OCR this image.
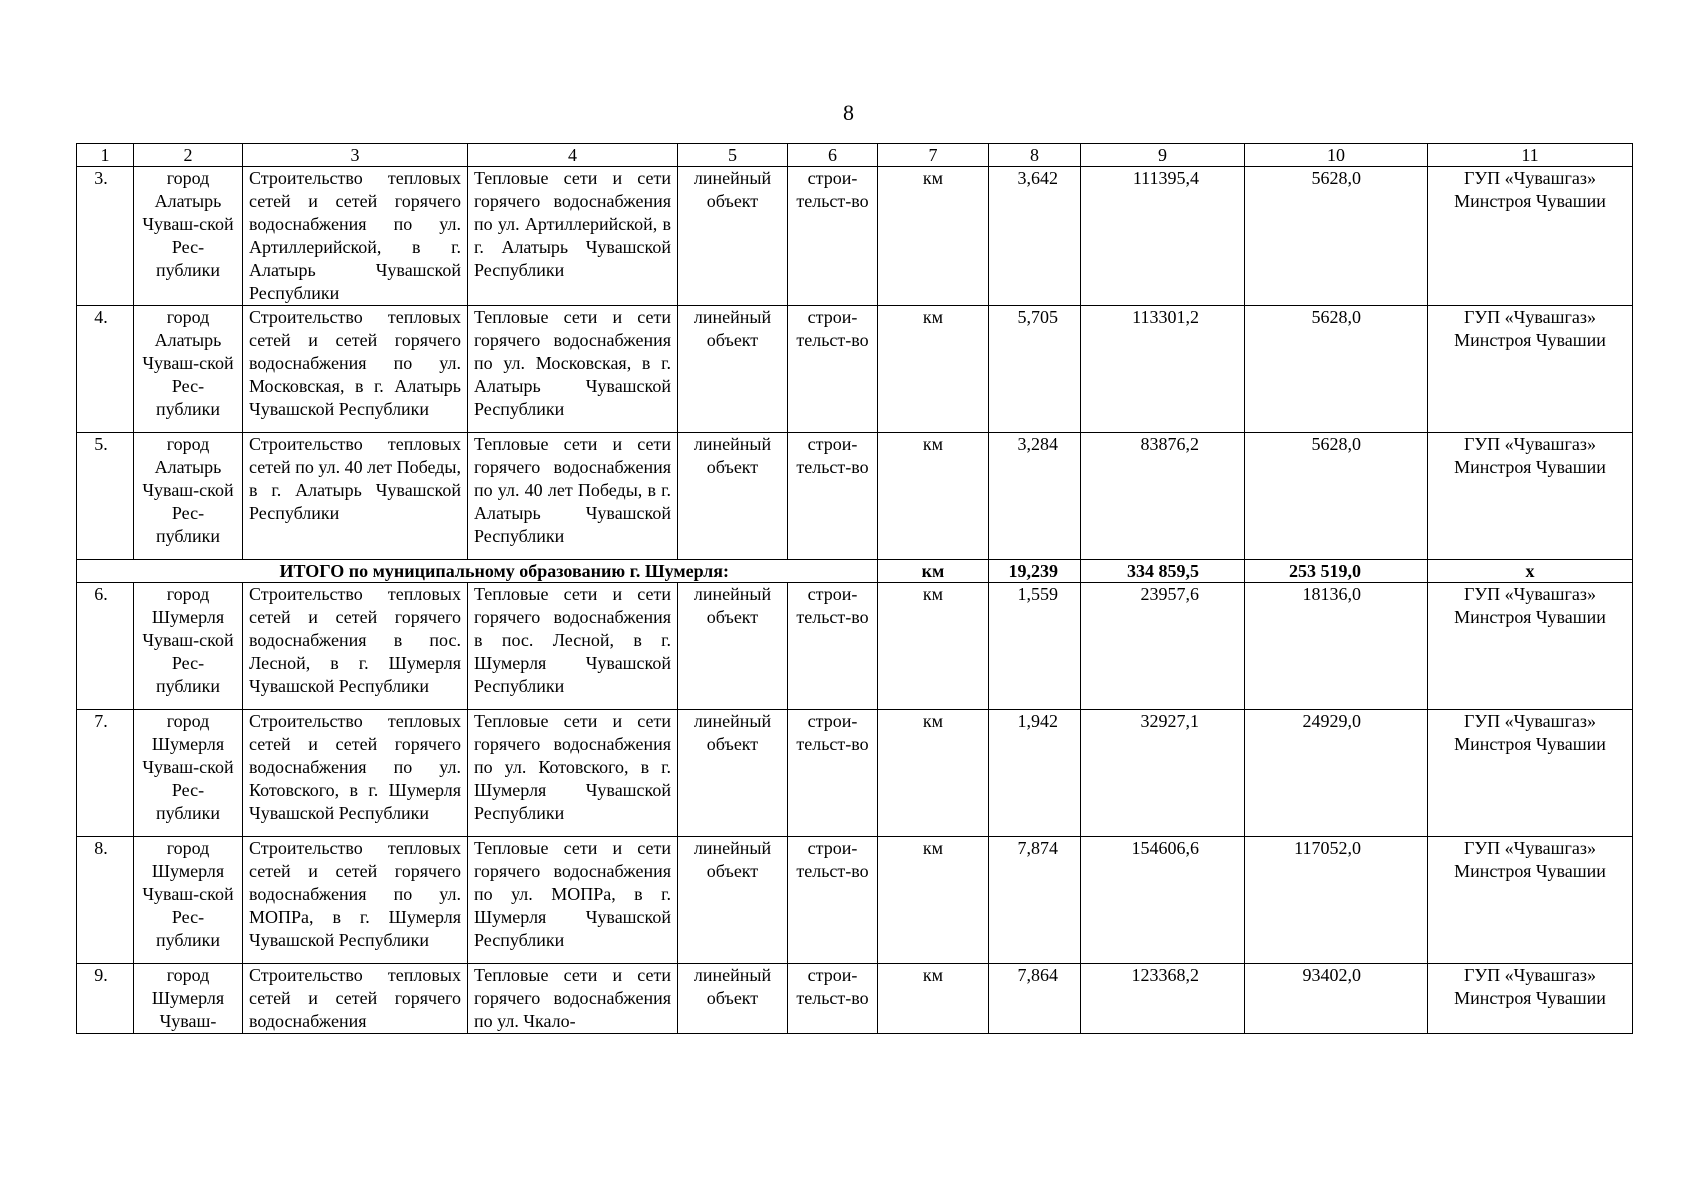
8
1	2	3	4	5	6	7	8	9	10	11
3.	город Алатырь Чуваш-ской Рес-публики	Строительство тепловых сетей и сетей горячего водоснабжения по ул. Артиллерийской, в г. Алатырь Чувашской Республики	Тепловые сети и сети горячего водоснабжения по ул. Артиллерийской, в г. Алатырь Чувашской Республики	линейный объект	строи-тельст-во	км	3,642	111395,4	5628,0	ГУП «Чувашгаз» Минстроя Чувашии
4.	город Алатырь Чуваш-ской Рес-публики	Строительство тепловых сетей и сетей горячего водоснабжения по ул. Московская, в г. Алатырь Чувашской Республики	Тепловые сети и сети горячего водоснабжения по ул. Московская, в г. Алатырь Чувашской Республики	линейный объект	строи-тельст-во	км	5,705	113301,2	5628,0	ГУП «Чувашгаз» Минстроя Чувашии
5.	город Алатырь Чуваш-ской Рес-публики	Строительство тепловых сетей по ул. 40 лет Победы, в г. Алатырь Чувашской Республики	Тепловые сети и сети горячего водоснабжения по ул. 40 лет Победы, в г. Алатырь Чувашской Республики	линейный объект	строи-тельст-во	км	3,284	83876,2	5628,0	ГУП «Чувашгаз» Минстроя Чувашии
	ИТОГО по муниципальному образованию г. Шумерля:					км	19,239	334 859,5	253 519,0	х
6.	город Шумерля Чуваш-ской Рес-публики	Строительство тепловых сетей и сетей горячего водоснабжения в пос. Лесной, в г. Шумерля Чувашской Республики	Тепловые сети и сети горячего водоснабжения в пос. Лесной, в г. Шумерля Чувашской Республики	линейный объект	строи-тельст-во	км	1,559	23957,6	18136,0	ГУП «Чувашгаз» Минстроя Чувашии
7.	город Шумерля Чуваш-ской Рес-публики	Строительство тепловых сетей и сетей горячего водоснабжения по ул. Котовского, в г. Шумерля Чувашской Республики	Тепловые сети и сети горячего водоснабжения по ул. Котовского, в г. Шумерля Чувашской Республики	линейный объект	строи-тельст-во	км	1,942	32927,1	24929,0	ГУП «Чувашгаз» Минстроя Чувашии
8.	город Шумерля Чуваш-ской Рес-публики	Строительство тепловых сетей и сетей горячего водоснабжения по ул. МОПРа, в г. Шумерля Чувашской Республики	Тепловые сети и сети горячего водоснабжения по ул. МОПРа, в г. Шумерля Чувашской Республики	линейный объект	строи-тельст-во	км	7,874	154606,6	117052,0	ГУП «Чувашгаз» Минстроя Чувашии
9.	город Шумерля Чуваш-	Строительство тепловых сетей и сетей горячего водоснабжения	Тепловые сети и сети горячего водоснабжения по ул. Чкало-	линейный объект	строи-тельст-во	км	7,864	123368,2	93402,0	ГУП «Чувашгаз» Минстроя Чувашии
